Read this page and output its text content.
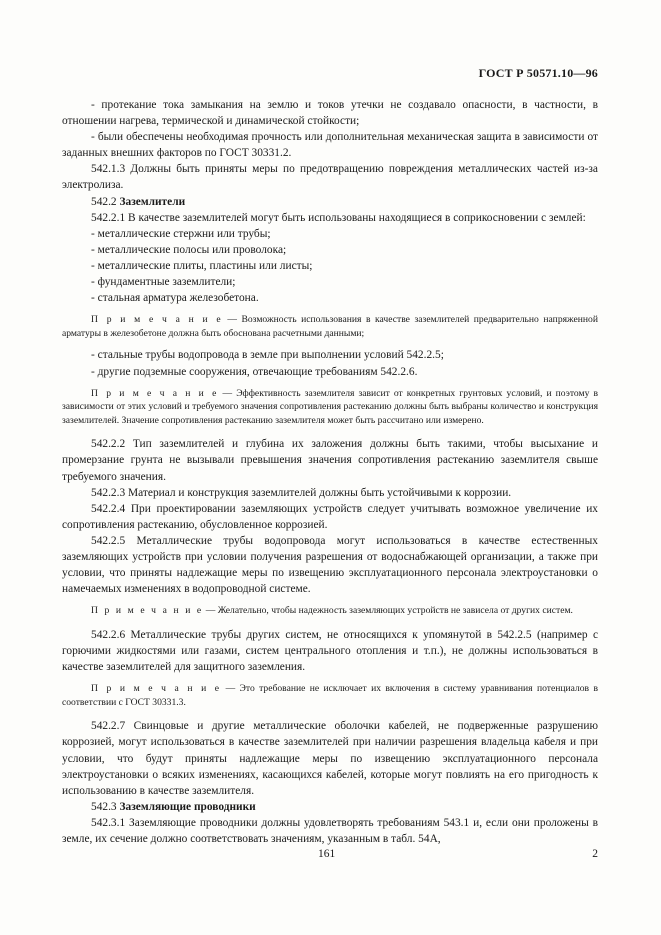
ГОСТ Р 50571.10—96

- протекание тока замыкания на землю и токов утечки не создавало опасности, в частности, в отношении нагрева, термической и динамической стойкости;

- были обеспечены необходимая прочность или дополнительная механическая защита в зависимости от заданных внешних факторов по ГОСТ 30331.2.

542.1.3 Должны быть приняты меры по предотвращению повреждения металлических частей из-за электролиза.

542.2 Заземлители

542.2.1 В качестве заземлителей могут быть использованы находящиеся в соприкосновении с землей:

- металлические стержни или трубы;

- металлические полосы или проволока;

- металлические плиты, пластины или листы;

- фундаментные заземлители;

- стальная арматура железобетона.

П р и м е ч а н и е — Возможность использования в качестве заземлителей предварительно напряженной арматуры в железобетоне должна быть обоснована расчетными данными;

- стальные трубы водопровода в земле при выполнении условий 542.2.5;

- другие подземные сооружения, отвечающие требованиям 542.2.6.

П р и м е ч а н и е — Эффективность заземлителя зависит от конкретных грунтовых условий, и поэтому в зависимости от этих условий и требуемого значения сопротивления растеканию должны быть выбраны количество и конструкция заземлителей. Значение сопротивления растеканию заземлителя может быть рассчитано или измерено.

542.2.2 Тип заземлителей и глубина их заложения должны быть такими, чтобы высыхание и промерзание грунта не вызывали превышения значения сопротивления растеканию заземлителя свыше требуемого значения.

542.2.3 Материал и конструкция заземлителей должны быть устойчивыми к коррозии.

542.2.4 При проектировании заземляющих устройств следует учитывать возможное увеличение их сопротивления растеканию, обусловленное коррозией.

542.2.5 Металлические трубы водопровода могут использоваться в качестве естественных заземляющих устройств при условии получения разрешения от водоснабжающей организации, а также при условии, что приняты надлежащие меры по извещению эксплуатационного персонала электроустановки о намечаемых изменениях в водопроводной системе.

П р и м е ч а н и е — Желательно, чтобы надежность заземляющих устройств не зависела от других систем.

542.2.6 Металлические трубы других систем, не относящихся к упомянутой в 542.2.5 (например с горючими жидкостями или газами, систем центрального отопления и т.п.), не должны использоваться в качестве заземлителей для защитного заземления.

П р и м е ч а н и е — Это требование не исключает их включения в систему уравнивания потенциалов в соответствии с ГОСТ 30331.3.

542.2.7 Свинцовые и другие металлические оболочки кабелей, не подверженные разрушению коррозией, могут использоваться в качестве заземлителей при наличии разрешения владельца кабеля и при условии, что будут приняты надлежащие меры по извещению эксплуатационного персонала электроустановки о всяких изменениях, касающихся кабелей, которые могут повлиять на его пригодность к использованию в качестве заземлителя.

542.3 Заземляющие проводники

542.3.1 Заземляющие проводники должны удовлетворять требованиям 543.1 и, если они проложены в земле, их сечение должно соответствовать значениям, указанным в табл. 54А,

161	2
